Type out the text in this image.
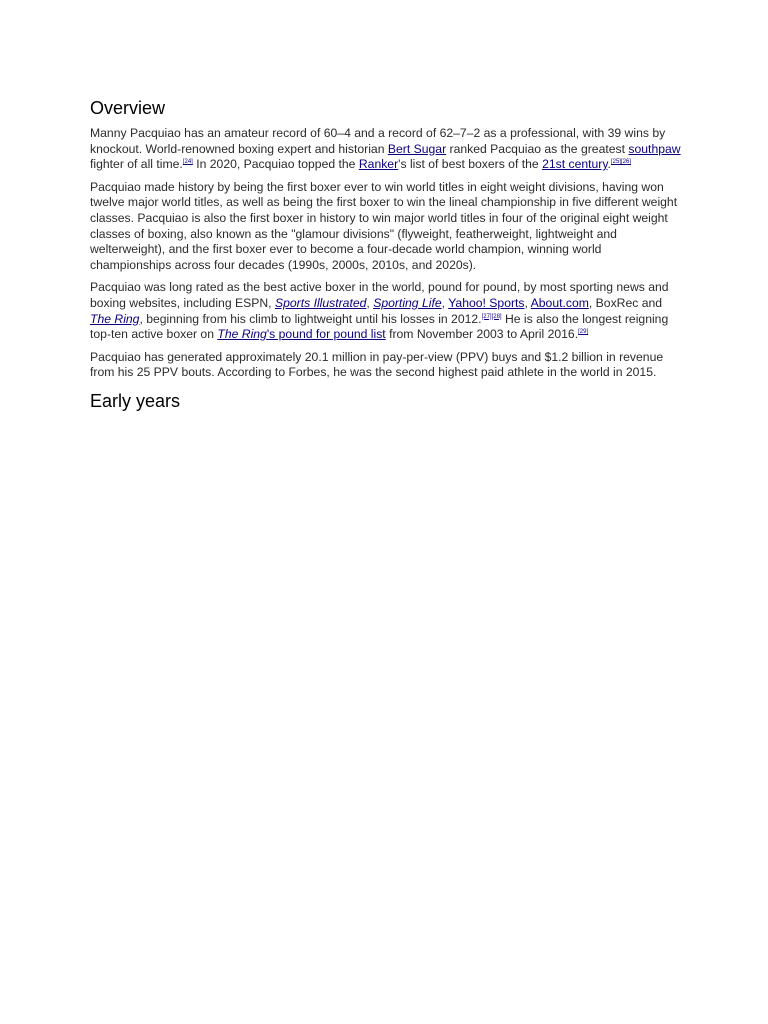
Overview

Manny Pacquiao has an amateur record of 60–4 and a record of 62–7–2 as a professional, with 39 wins by knockout. World-renowned boxing expert and historian Bert Sugar ranked Pacquiao as the greatest southpaw fighter of all time.[24] In 2020, Pacquiao topped the Ranker's list of best boxers of the 21st century.[25][26]

Pacquiao made history by being the first boxer ever to win world titles in eight weight divisions, having won twelve major world titles, as well as being the first boxer to win the lineal championship in five different weight classes. Pacquiao is also the first boxer in history to win major world titles in four of the original eight weight classes of boxing, also known as the "glamour divisions" (flyweight, featherweight, lightweight and welterweight), and the first boxer ever to become a four-decade world champion, winning world championships across four decades (1990s, 2000s, 2010s, and 2020s).

Pacquiao was long rated as the best active boxer in the world, pound for pound, by most sporting news and boxing websites, including ESPN, Sports Illustrated, Sporting Life, Yahoo! Sports, About.com, BoxRec and The Ring, beginning from his climb to lightweight until his losses in 2012.[27][28] He is also the longest reigning top-ten active boxer on The Ring's pound for pound list from November 2003 to April 2016.[29]

Pacquiao has generated approximately 20.1 million in pay-per-view (PPV) buys and $1.2 billion in revenue from his 25 PPV bouts. According to Forbes, he was the second highest paid athlete in the world in 2015.

Early years
